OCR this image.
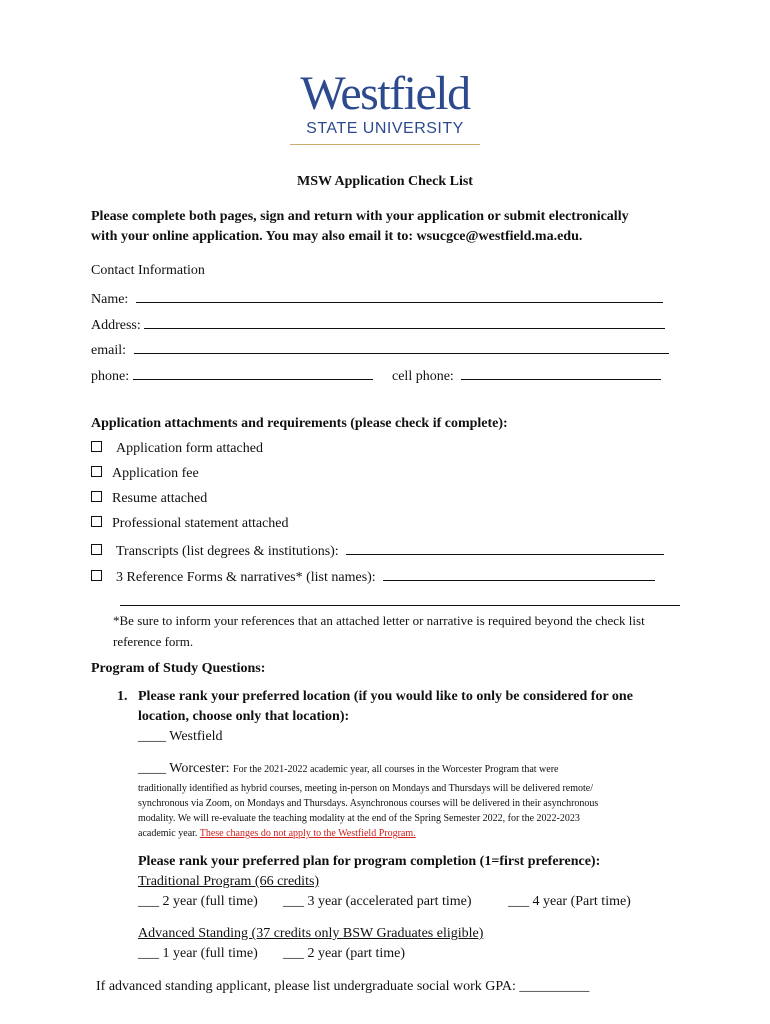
Westfield
STATE UNIVERSITY
MSW Application Check List
Please complete both pages, sign and return with your application or submit electronically
with your online application. You may also email it to: wsucgce@westfield.ma.edu.
Contact Information
Name:
Address:
email:
phone:	cell phone:
Application attachments and requirements (please check if complete):
Application form attached
Application fee
Resume attached
Professional statement attached
Transcripts (list degrees & institutions):
3 Reference Forms & narratives* (list names):
*Be sure to inform your references that an attached letter or narrative is required beyond the check list
reference form.
Program of Study Questions:
1. Please rank your preferred location (if you would like to only be considered for one
location, choose only that location):
____ Westfield
____ Worcester: For the 2021-2022 academic year, all courses in the Worcester Program that were
traditionally identified as hybrid courses, meeting in-person on Mondays and Thursdays will be delivered remote/
synchronous via Zoom, on Mondays and Thursdays. Asynchronous courses will be delivered in their asynchronous
modality. We will re-evaluate the teaching modality at the end of the Spring Semester 2022, for the 2022-2023
academic year. These changes do not apply to the Westfield Program.
Please rank your preferred plan for program completion (1=first preference):
Traditional Program (66 credits)
___ 2 year (full time) ___ 3 year (accelerated part time)	___ 4 year (Part time)
Advanced Standing (37 credits only BSW Graduates eligible)
___ 1 year (full time) ___ 2 year (part time)
If advanced standing applicant, please list undergraduate social work GPA: __________
